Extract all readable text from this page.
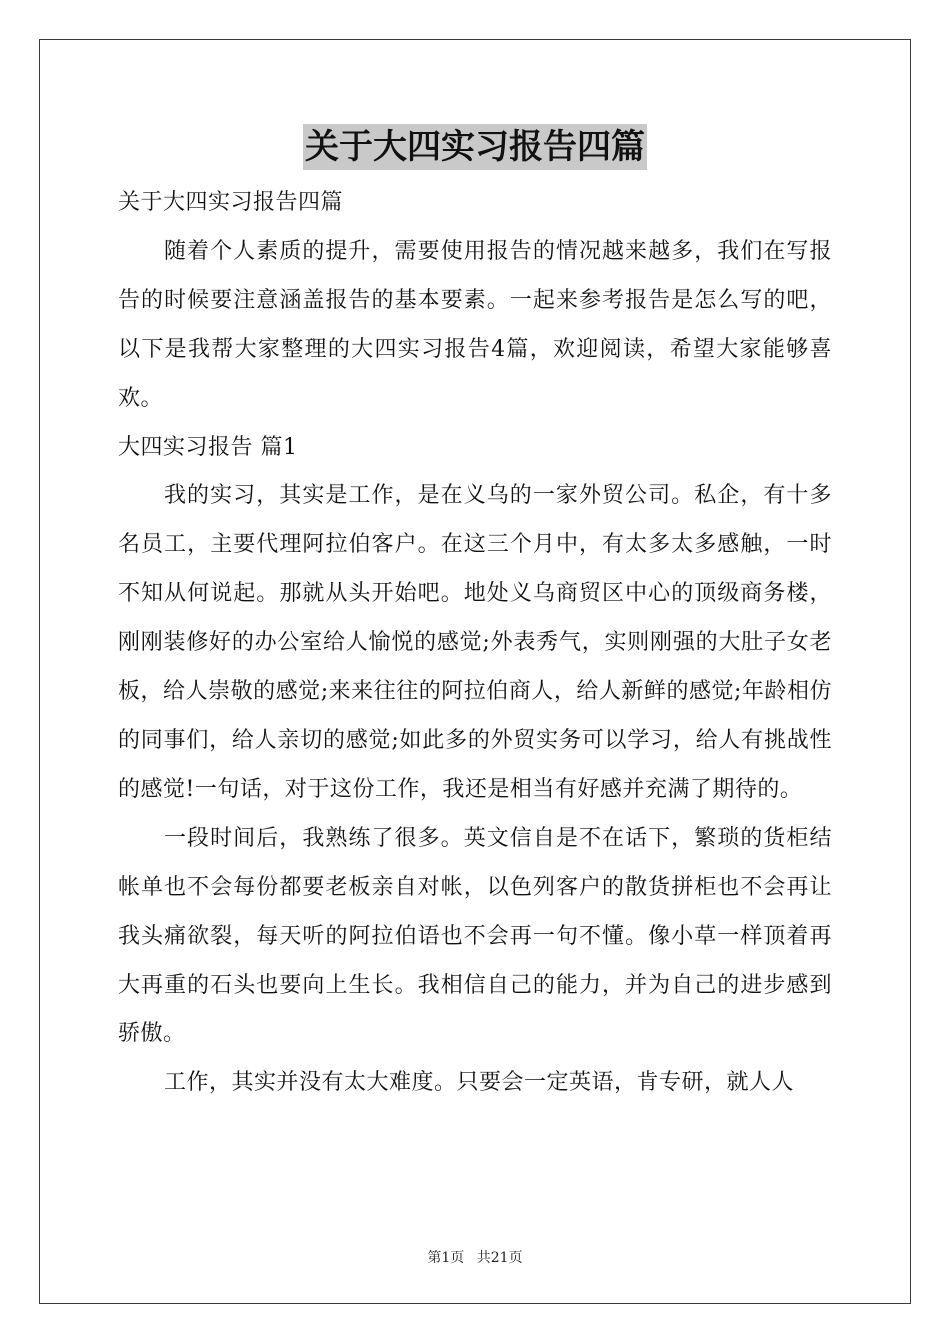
关于大四实习报告四篇
关于大四实习报告四篇

随着个人素质的提升，需要使用报告的情况越来越多，我们在写报告的时候要注意涵盖报告的基本要素。一起来参考报告是怎么写的吧，以下是我帮大家整理的大四实习报告4篇，欢迎阅读，希望大家能够喜欢。

大四实习报告 篇1

我的实习，其实是工作，是在义乌的一家外贸公司。私企，有十多名员工，主要代理阿拉伯客户。在这三个月中，有太多太多感触，一时不知从何说起。那就从头开始吧。地处义乌商贸区中心的顶级商务楼，刚刚装修好的办公室给人愉悦的感觉;外表秀气，实则刚强的大肚子女老板，给人崇敬的感觉;来来往往的阿拉伯商人，给人新鲜的感觉;年龄相仿的同事们，给人亲切的感觉;如此多的外贸实务可以学习，给人有挑战性的感觉!一句话，对于这份工作，我还是相当有好感并充满了期待的。

一段时间后，我熟练了很多。英文信自是不在话下，繁琐的货柜结帐单也不会每份都要老板亲自对帐，以色列客户的散货拼柜也不会再让我头痛欲裂，每天听的阿拉伯语也不会再一句不懂。像小草一样顶着再大再重的石头也要向上生长。我相信自己的能力，并为自己的进步感到骄傲。

工作，其实并没有太大难度。只要会一定英语，肯专研，就人人

第1页 共21页
